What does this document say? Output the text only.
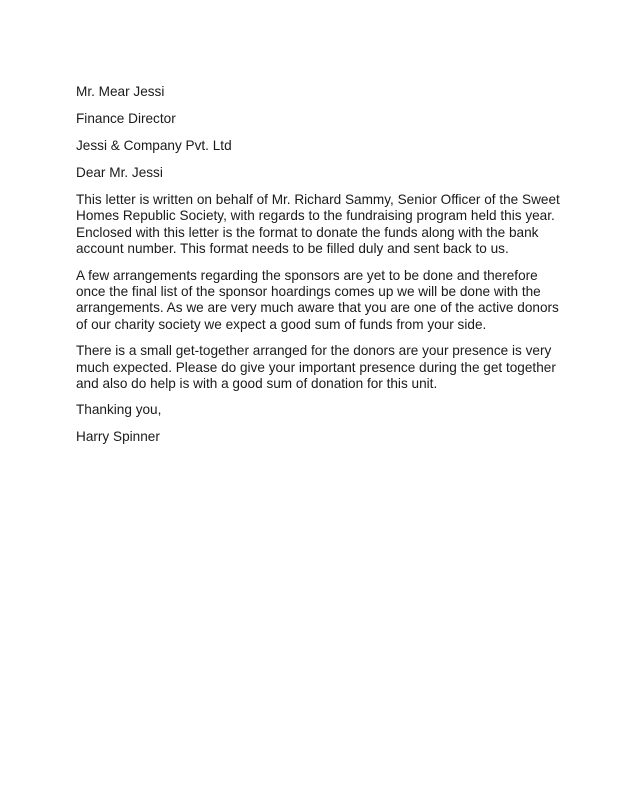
Mr. Mear Jessi

Finance Director

Jessi & Company Pvt. Ltd

Dear Mr. Jessi

This letter is written on behalf of Mr. Richard Sammy, Senior Officer of the Sweet Homes Republic Society, with regards to the fundraising program held this year. Enclosed with this letter is the format to donate the funds along with the bank account number. This format needs to be filled duly and sent back to us.

A few arrangements regarding the sponsors are yet to be done and therefore once the final list of the sponsor hoardings comes up we will be done with the arrangements. As we are very much aware that you are one of the active donors of our charity society we expect a good sum of funds from your side.

There is a small get-together arranged for the donors are your presence is very much expected. Please do give your important presence during the get together and also do help is with a good sum of donation for this unit.

Thanking you,

Harry Spinner
